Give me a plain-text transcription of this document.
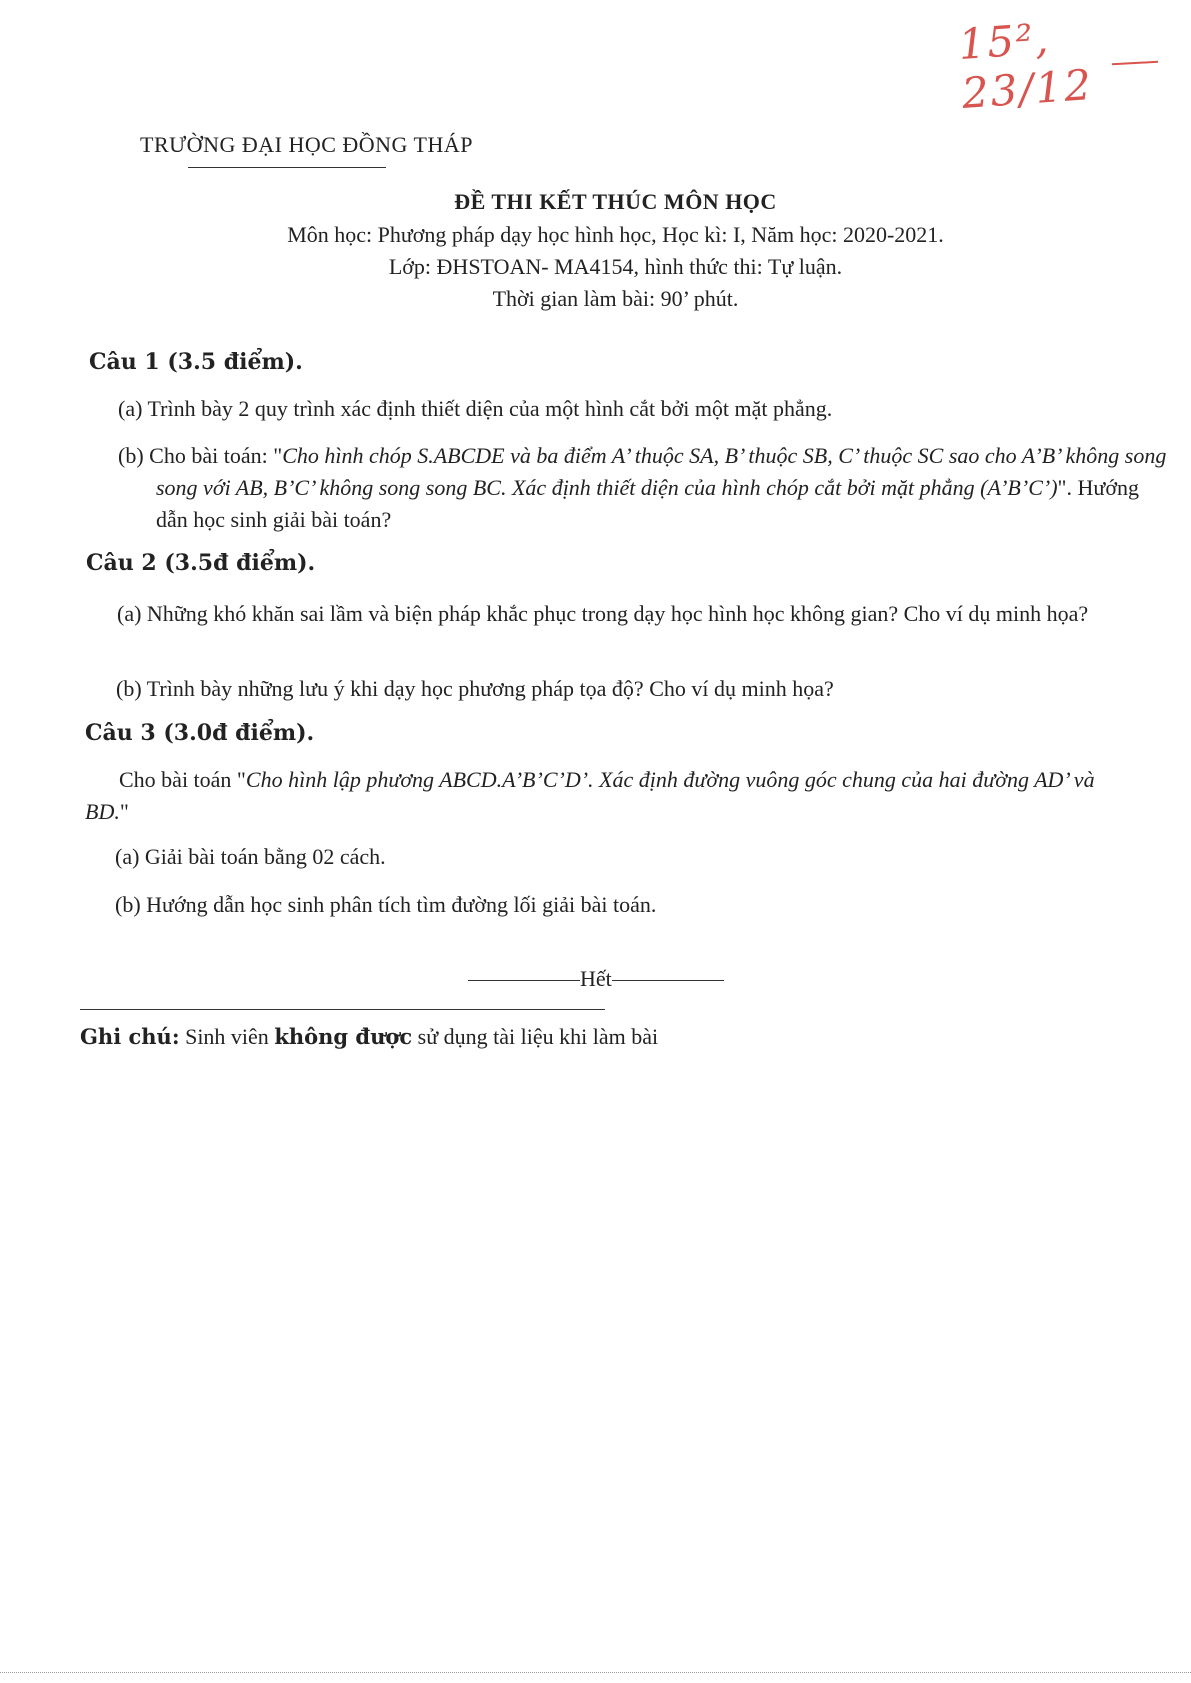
15², 23/12
TRƯỜNG ĐẠI HỌC ĐỒNG THÁP
ĐỀ THI KẾT THÚC MÔN HỌC
Môn học: Phương pháp dạy học hình học, Học kì: I, Năm học: 2020-2021.
Lớp: ĐHSTOAN- MA4154, hình thức thi: Tự luận.
Thời gian làm bài: 90’ phút.
Câu 1 (3.5 điểm).
(a) Trình bày 2 quy trình xác định thiết diện của một hình cắt bởi một mặt phẳng.
(b) Cho bài toán: "Cho hình chóp S.ABCDE và ba điểm A’ thuộc SA, B’ thuộc SB, C’ thuộc SC sao cho A’B’ không song song với AB, B’C’ không song song BC. Xác định thiết diện của hình chóp cắt bởi mặt phẳng (A’B’C’)". Hướng dẫn học sinh giải bài toán?
Câu 2 (3.5đ điểm).
(a) Những khó khăn sai lầm và biện pháp khắc phục trong dạy học hình học không gian? Cho ví dụ minh họa?
(b) Trình bày những lưu ý khi dạy học phương pháp tọa độ? Cho ví dụ minh họa?
Câu 3 (3.0đ điểm).
Cho bài toán "Cho hình lập phương ABCD.A’B’C’D’. Xác định đường vuông góc chung của hai đường AD’ và BD."
(a) Giải bài toán bằng 02 cách.
(b) Hướng dẫn học sinh phân tích tìm đường lối giải bài toán.
Hết
Ghi chú: Sinh viên không được sử dụng tài liệu khi làm bài
